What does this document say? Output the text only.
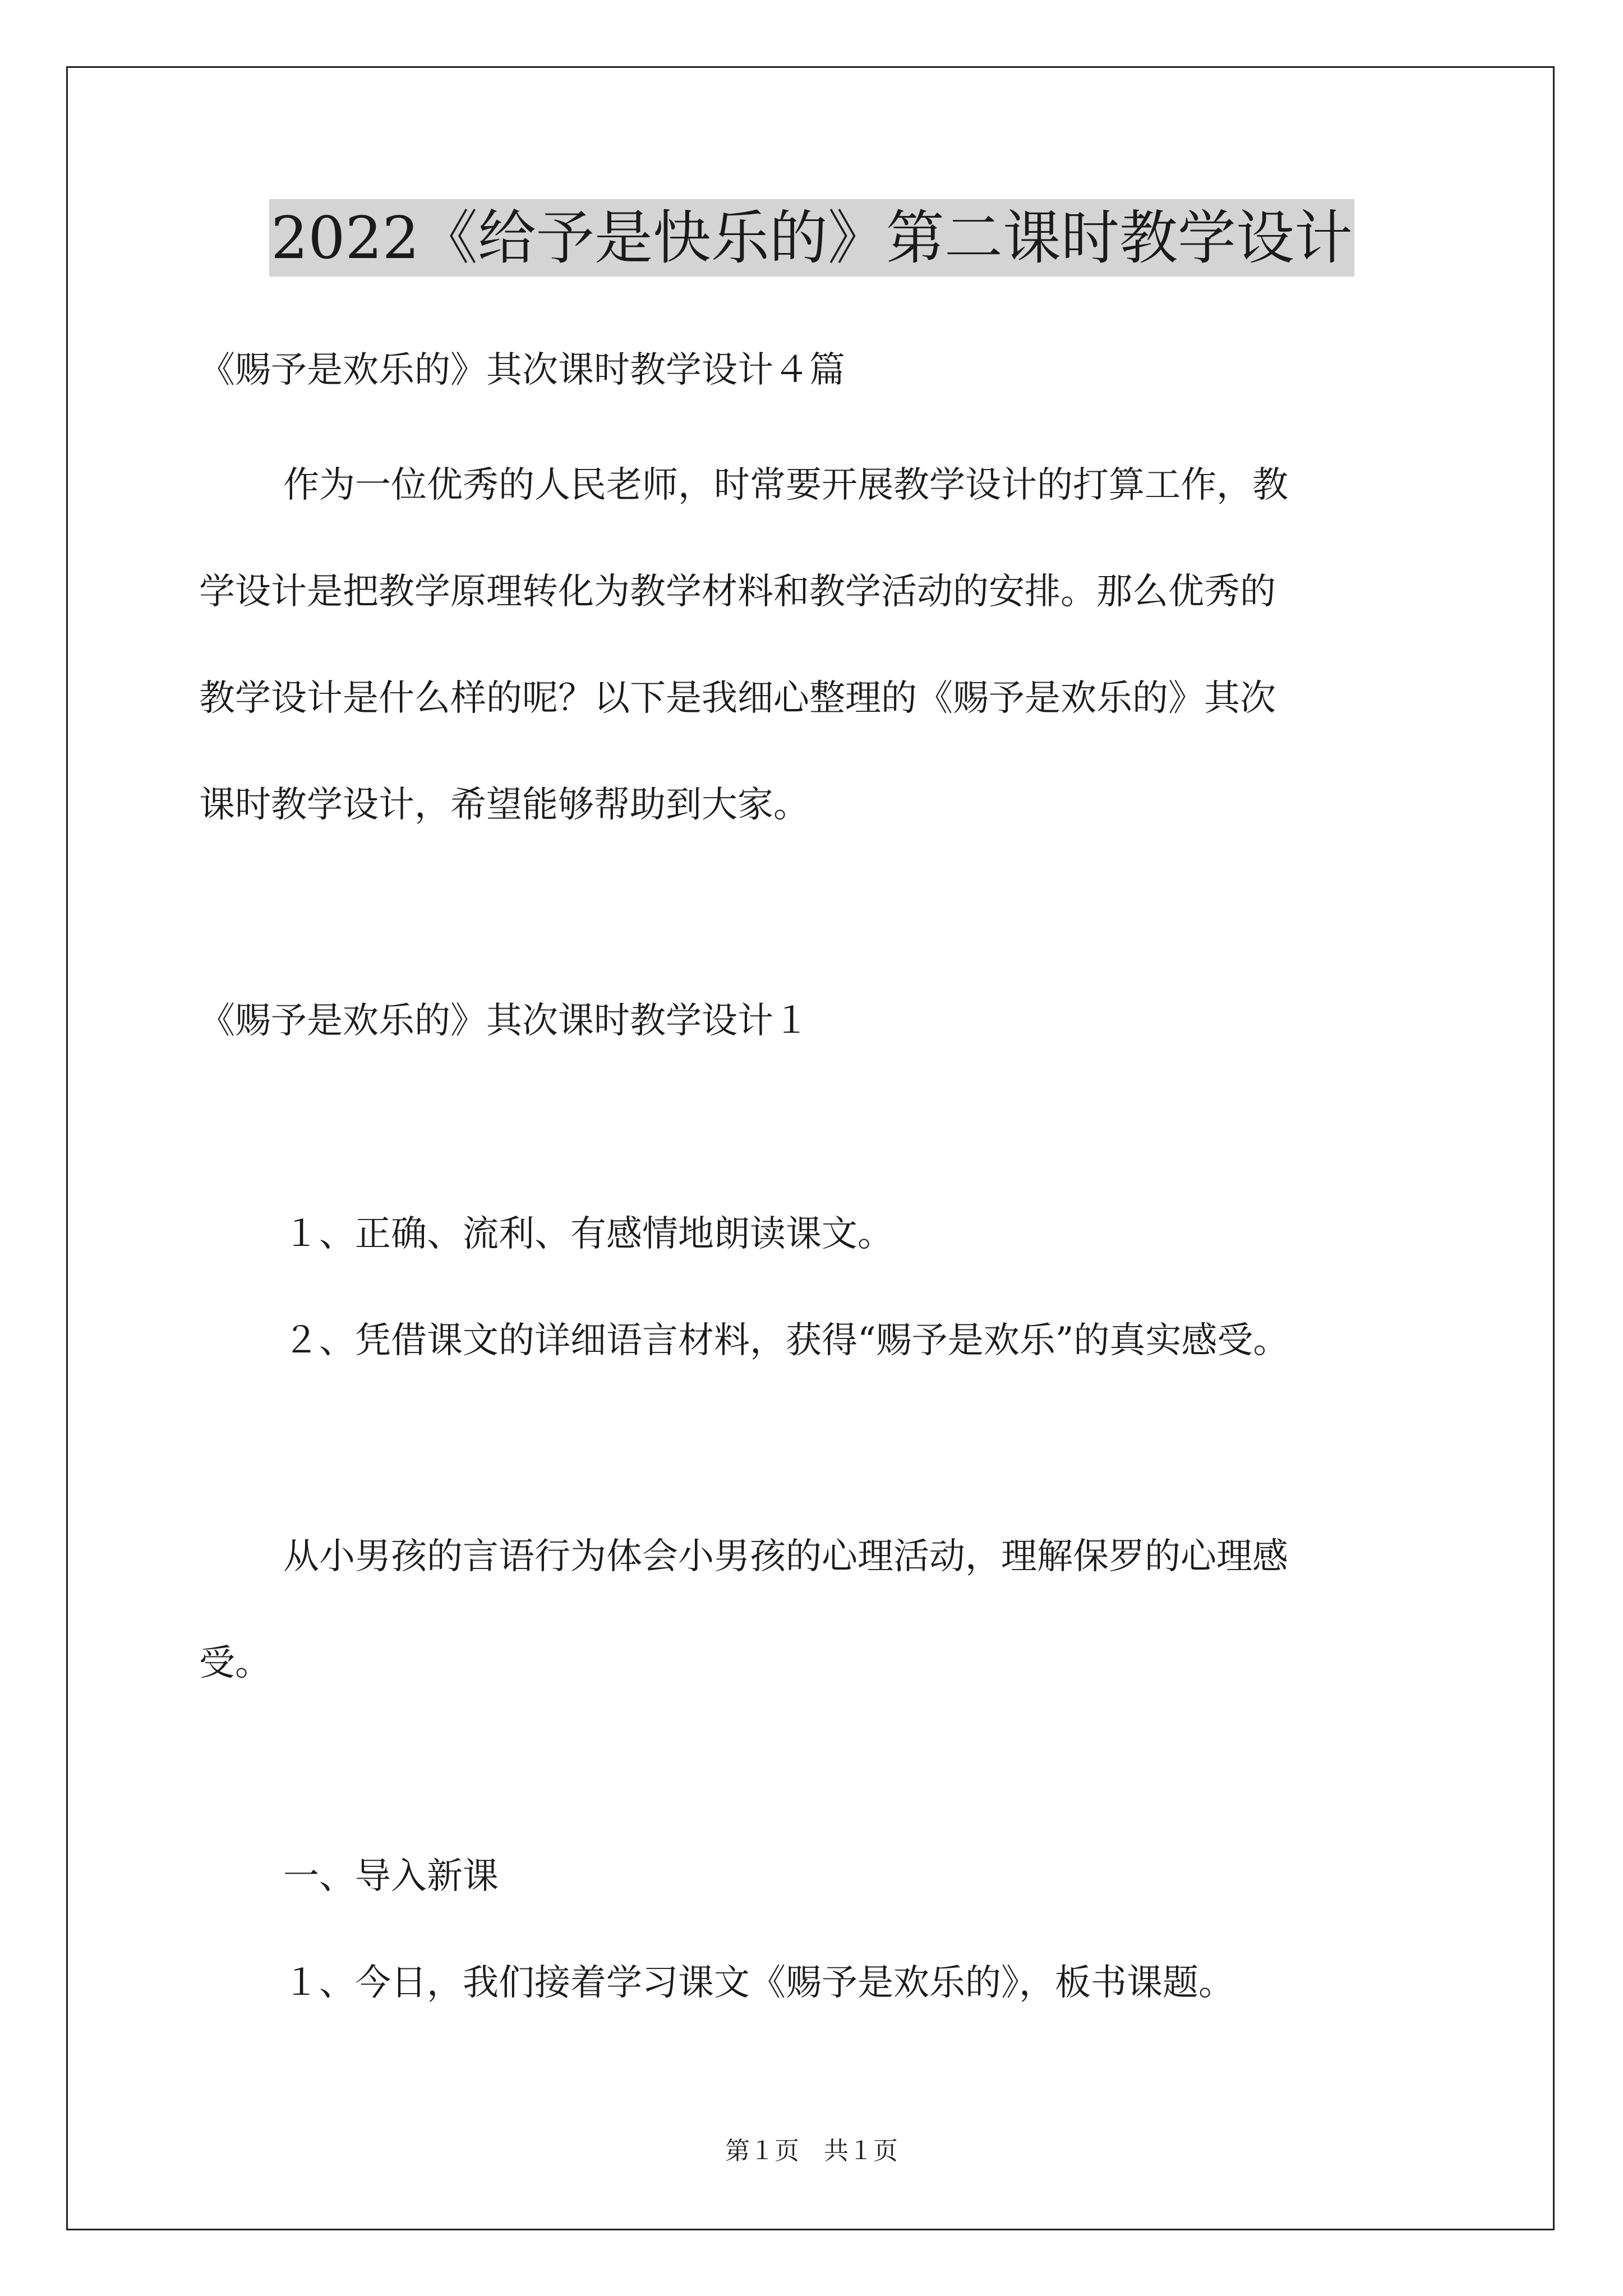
2022《给予是快乐的》第二课时教学设计

《赐予是欢乐的》其次课时教学设计４篇

作为一位优秀的人民老师，时常要开展教学设计的打算工作，教

学设计是把教学原理转化为教学材料和教学活动的安排。那么优秀的

教学设计是什么样的呢？以下是我细心整理的《赐予是欢乐的》其次

课时教学设计，希望能够帮助到大家。

《赐予是欢乐的》其次课时教学设计１

１、正确、流利、有感情地朗读课文。

２、凭借课文的详细语言材料，获得“赐予是欢乐”的真实感受。

从小男孩的言语行为体会小男孩的心理活动，理解保罗的心理感

受。

一、导入新课

１、今日，我们接着学习课文《赐予是欢乐的》，板书课题。

第１页 共１页
